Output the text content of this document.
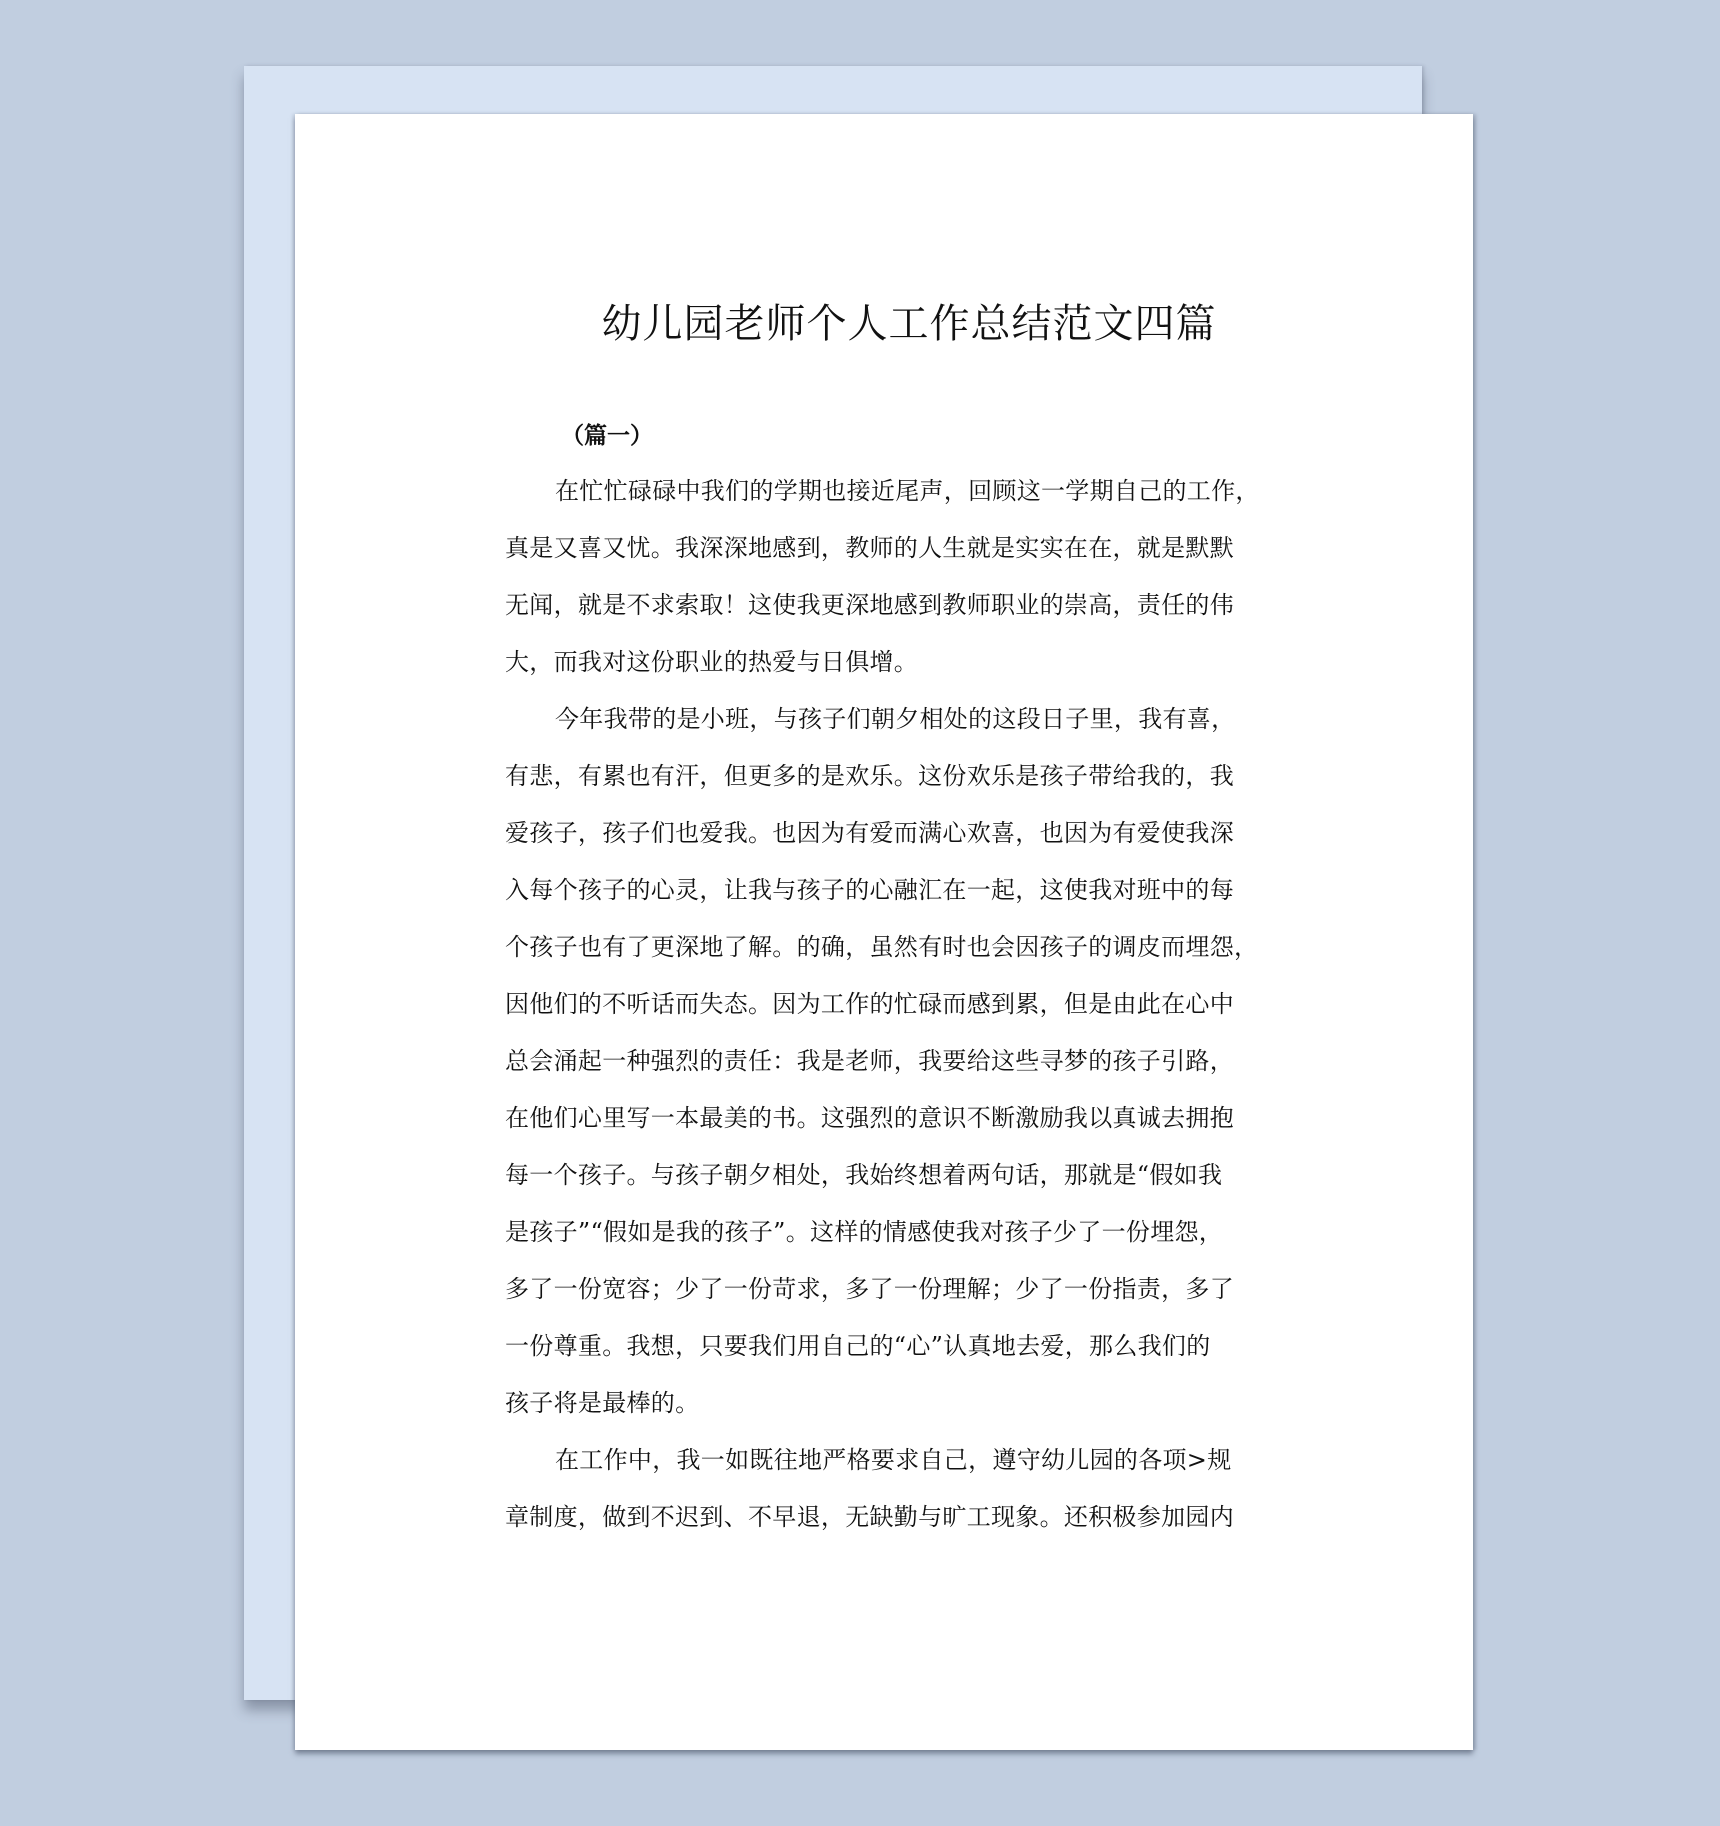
幼儿园老师个人工作总结范文四篇
（篇一）

在忙忙碌碌中我们的学期也接近尾声，回顾这一学期自己的工作，
真是又喜又忧。我深深地感到，教师的人生就是实实在在，就是默默
无闻，就是不求索取！这使我更深地感到教师职业的崇高，责任的伟
大，而我对这份职业的热爱与日俱增。

今年我带的是小班，与孩子们朝夕相处的这段日子里，我有喜，
有悲，有累也有汗，但更多的是欢乐。这份欢乐是孩子带给我的，我
爱孩子，孩子们也爱我。也因为有爱而满心欢喜，也因为有爱使我深
入每个孩子的心灵，让我与孩子的心融汇在一起，这使我对班中的每
个孩子也有了更深地了解。的确，虽然有时也会因孩子的调皮而埋怨，
因他们的不听话而失态。因为工作的忙碌而感到累，但是由此在心中
总会涌起一种强烈的责任：我是老师，我要给这些寻梦的孩子引路，
在他们心里写一本最美的书。这强烈的意识不断激励我以真诚去拥抱
每一个孩子。与孩子朝夕相处，我始终想着两句话，那就是“假如我
是孩子”“假如是我的孩子”。这样的情感使我对孩子少了一份埋怨，
多了一份宽容；少了一份苛求，多了一份理解；少了一份指责，多了
一份尊重。我想，只要我们用自己的“心”认真地去爱，那么我们的
孩子将是最棒的。

在工作中，我一如既往地严格要求自己，遵守幼儿园的各项>规
章制度，做到不迟到、不早退，无缺勤与旷工现象。还积极参加园内
